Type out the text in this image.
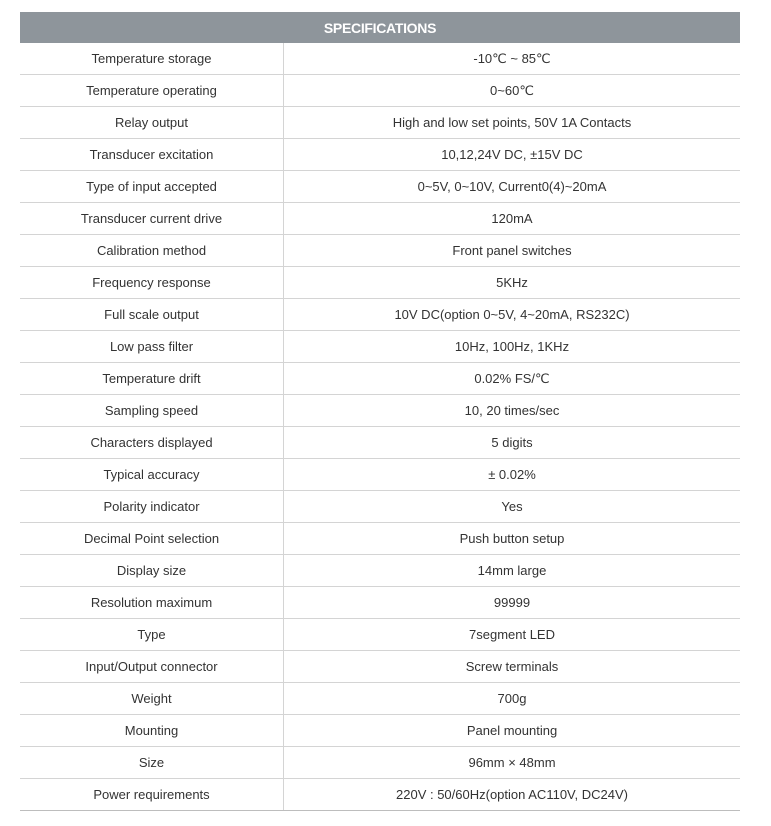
SPECIFICATIONS
Temperature storage	-10℃ ~ 85℃
Temperature operating	0~60℃
Relay output	High and low set points, 50V 1A Contacts
Transducer excitation	10,12,24V DC, ±15V DC
Type of input accepted	0~5V, 0~10V, Current0(4)~20mA
Transducer current drive	120mA
Calibration method	Front panel switches
Frequency response	5KHz
Full scale output	10V DC(option 0~5V, 4~20mA, RS232C)
Low pass filter	10Hz, 100Hz, 1KHz
Temperature drift	0.02% FS/℃
Sampling speed	10, 20 times/sec
Characters displayed	5 digits
Typical accuracy	± 0.02%
Polarity indicator	Yes
Decimal Point selection	Push button setup
Display size	14mm large
Resolution maximum	99999
Type	7segment LED
Input/Output connector	Screw terminals
Weight	700g
Mounting	Panel mounting
Size	96mm × 48mm
Power requirements	220V : 50/60Hz(option AC110V, DC24V)
